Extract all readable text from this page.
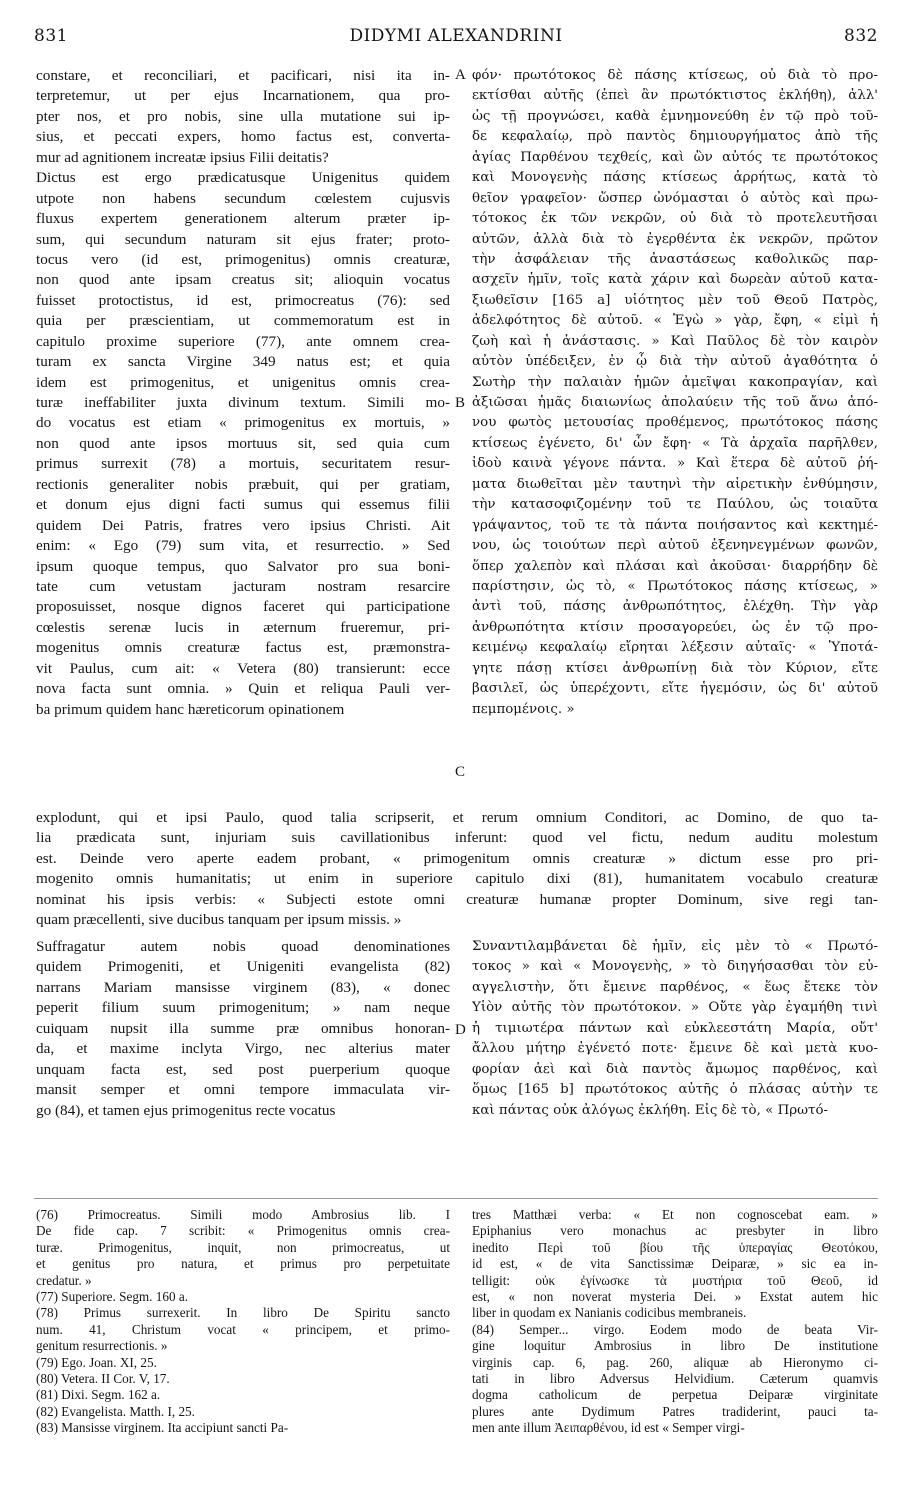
831	DIDYMI ALEXANDRINI	832
constare, et reconciliari, et pacificari, nisi ita in-
terpretemur, ut per ejus Incarnationem, qua pro-
pter nos, et pro nobis, sine ulla mutatione sui ip-
sius, et peccati expers, homo factus est, converta-
mur ad agnitionem increatæ ipsius Filii deitatis?
Dictus est ergo prædicatusque Unigenitus quidem
utpote non habens secundum cœlestem cujusvis
fluxus expertem generationem alterum præter ip-
sum, qui secundum naturam sit ejus frater; proto-
tocus vero (id est, primogenitus) omnis creaturæ,
non quod ante ipsam creatus sit; alioquin vocatus
fuisset protoctistus, id est, primocreatus (76): sed
quia per præscientiam, ut commemoratum est in
capitulo proxime superiore (77), ante omnem crea-
turam ex sancta Virgine 349 natus est; et quia
idem est primogenitus, et unigenitus omnis crea-
turæ ineffabiliter juxta divinum textum. Simili mo-
do vocatus est etiam « primogenitus ex mortuis, »
non quod ante ipsos mortuus sit, sed quia cum
primus surrexit (78) a mortuis, securitatem resur-
rectionis generaliter nobis præbuit, qui per gratiam,
et donum ejus digni facti sumus qui essemus filii
quidem Dei Patris, fratres vero ipsius Christi. Ait
enim: « Ego (79) sum vita, et resurrectio. » Sed
ipsum quoque tempus, quo Salvator pro sua boni-
tate cum vetustam jacturam nostram resarcire
proposuisset, nosque dignos faceret qui participatione
cœlestis serenæ lucis in æternum frueremur, pri-
mogenitus omnis creaturæ factus est, præmonstra-
vit Paulus, cum ait: « Vetera (80) transierunt: ecce
nova facta sunt omnia. » Quin et reliqua Pauli ver-
ba primum quidem hanc hæreticorum opinationem
φόν· πρωτότοκος δὲ πάσης κτίσεως, οὐ διὰ τὸ προ-
εκτίσθαι αὐτῆς (ἐπεὶ ἂν πρωτόκτιστος ἐκλήθη), ἀλλ'
ὡς τῇ προγνώσει, καθὰ ἐμνημονεύθη ἐν τῷ πρὸ τοῦ-
δε κεφαλαίῳ, πρὸ παντὸς δημιουργήματος ἀπὸ τῆς
ἁγίας Παρθένου τεχθείς, καὶ ὢν αὐτός τε πρωτότοκος
καὶ Μονογενὴς πάσης κτίσεως ἀρρήτως, κατὰ τὸ
θεῖον γραφεῖον· ὥσπερ ὠνόμασται ὁ αὐτὸς καὶ πρω-
τότοκος ἐκ τῶν νεκρῶν, οὐ διὰ τὸ προτελευτῆσαι
αὐτῶν, ἀλλὰ διὰ τὸ ἐγερθέντα ἐκ νεκρῶν, πρῶτον
τὴν ἀσφάλειαν τῆς ἀναστάσεως καθολικῶς παρ-
ασχεῖν ἡμῖν, τοῖς κατὰ χάριν καὶ δωρεὰν αὐτοῦ κατα-
ξιωθεῖσιν [165 a] υἱότητος μὲν τοῦ Θεοῦ Πατρὸς,
ἀδελφότητος δὲ αὐτοῦ. « Ἐγὼ » γὰρ, ἔφη, « εἰμὶ ἡ
ζωὴ καὶ ἡ ἀνάστασις. » Καὶ Παῦλος δὲ τὸν καιρὸν
αὐτὸν ὑπέδειξεν, ἐν ᾧ διὰ τὴν αὐτοῦ ἀγαθότητα ὁ
Σωτὴρ τὴν παλαιὰν ἡμῶν ἀμεῖψαι κακοπραγίαν, καὶ
ἀξιῶσαι ἡμᾶς διαιωνίως ἀπολαύειν τῆς τοῦ ἄνω ἀπό-
νου φωτὸς μετουσίας προθέμενος, πρωτότοκος πάσης
κτίσεως ἐγένετο, δι' ὧν ἔφη· « Τὰ ἀρχαῖα παρῆλθεν,
ἰδοὺ καινὰ γέγονε πάντα. » Καὶ ἕτερα δὲ αὐτοῦ ῥή-
ματα διωθεῖται μὲν ταυτηνὶ τὴν αἱρετικὴν ἐνθύμησιν,
τὴν κατασοφιζομένην τοῦ τε Παύλου, ὡς τοιαῦτα
γράψαντος, τοῦ τε τὰ πάντα ποιήσαντος καὶ κεκτημέ-
νου, ὡς τοιούτων περὶ αὐτοῦ ἐξενηνεγμένων φωνῶν,
ὅπερ χαλεπὸν καὶ πλάσαι καὶ ἀκοῦσαι· διαρρήδην δὲ
παρίστησιν, ὡς τὸ, « Πρωτότοκος πάσης κτίσεως, »
ἀντὶ τοῦ, πάσης ἀνθρωπότητος, ἐλέχθη. Τὴν γὰρ
ἀνθρωπότητα κτίσιν προσαγορεύει, ὡς ἐν τῷ προ-
κειμένῳ κεφαλαίῳ εἴρηται λέξεσιν αὐταῖς· « Ὑποτά-
γητε πάσῃ κτίσει ἀνθρωπίνῃ διὰ τὸν Κύριον, εἴτε
βασιλεῖ, ὡς ὑπερέχοντι, εἴτε ἡγεμόσιν, ὡς δι' αὐτοῦ
πεμπομένοις. »
A
B
C
D
explodunt, qui et ipsi Paulo, quod talia scripserit, et rerum omnium Conditori, ac Domino, de quo ta-
lia prædicata sunt, injuriam suis cavillationibus inferunt: quod vel fictu, nedum auditu molestum
est. Deinde vero aperte eadem probant, « primogenitum omnis creaturæ » dictum esse pro pri-
mogenito omnis humanitatis; ut enim in superiore capitulo dixi (81), humanitatem vocabulo creaturæ
nominat his ipsis verbis: « Subjecti estote omni creaturæ humanæ propter Dominum, sive regi tan-
quam præcellenti, sive ducibus tanquam per ipsum missis. »
Suffragatur autem nobis quoad denominationes
quidem Primogeniti, et Unigeniti evangelista (82)
narrans Mariam mansisse virginem (83), « donec
peperit filium suum primogenitum; » nam neque
cuiquam nupsit illa summe præ omnibus honoran-
da, et maxime inclyta Virgo, nec alterius mater
unquam facta est, sed post puerperium quoque
mansit semper et omni tempore immaculata vir-
go (84), et tamen ejus primogenitus recte vocatus
Συναντιλαμβάνεται δὲ ἡμῖν, εἰς μὲν τὸ « Πρωτό-
τοκος » καὶ « Μονογενὴς, » τὸ διηγήσασθαι τὸν εὐ-
αγγελιστὴν, ὅτι ἔμεινε παρθένος, « ἕως ἔτεκε τὸν
Υἱὸν αὐτῆς τὸν πρωτότοκον. » Οὔτε γὰρ ἐγαμήθη τινὶ
ἡ τιμιωτέρα πάντων καὶ εὐκλεεστάτη Μαρία, οὔτ'
ἄλλου μήτηρ ἐγένετό ποτε· ἔμεινε δὲ καὶ μετὰ κυο-
φορίαν ἀεὶ καὶ διὰ παντὸς ἄμωμος παρθένος, καὶ
ὅμως [165 b] πρωτότοκος αὐτῆς ὁ πλάσας αὐτὴν τε
καὶ πάντας οὐκ ἀλόγως ἐκλήθη. Εἰς δὲ τὸ, « Πρωτό-
(76) Primocreatus. Simili modo Ambrosius lib. I
De fide cap. 7 scribit: « Primogenitus omnis crea-
turæ. Primogenitus, inquit, non primocreatus, ut
et genitus pro natura, et primus pro perpetuitate
credatur. »
(77) Superiore. Segm. 160 a.
(78) Primus surrexerit. In libro De Spiritu sancto
num. 41, Christum vocat « principem, et primo-
genitum resurrectionis. »
(79) Ego. Joan. XI, 25.
(80) Vetera. II Cor. V, 17.
(81) Dixi. Segm. 162 a.
(82) Evangelista. Matth. I, 25.
(83) Mansisse virginem. Ita accipiunt sancti Pa-
tres Matthæi verba: « Et non cognoscebat eam. »
Epiphanius vero monachus ac presbyter in libro
inedito Περὶ τοῦ βίου τῆς ὑπεραγίας Θεοτόκου,
id est, « de vita Sanctissimæ Deiparæ, » sic ea in-
telligit: οὐκ ἐγίνωσκε τὰ μυστήρια τοῦ Θεοῦ, id
est, « non noverat mysteria Dei. » Exstat autem hic
liber in quodam ex Nanianis codicibus membraneis.
(84) Semper... virgo. Eodem modo de beata Vir-
gine loquitur Ambrosius in libro De institutione
virginis cap. 6, pag. 260, aliquæ ab Hieronymo ci-
tati in libro Adversus Helvidium. Cæterum quamvis
dogma catholicum de perpetua Deiparæ virginitate
plures ante Dydimum Patres tradiderint, pauci ta-
men ante illum Ἀειπαρθένου, id est « Semper virgi-
